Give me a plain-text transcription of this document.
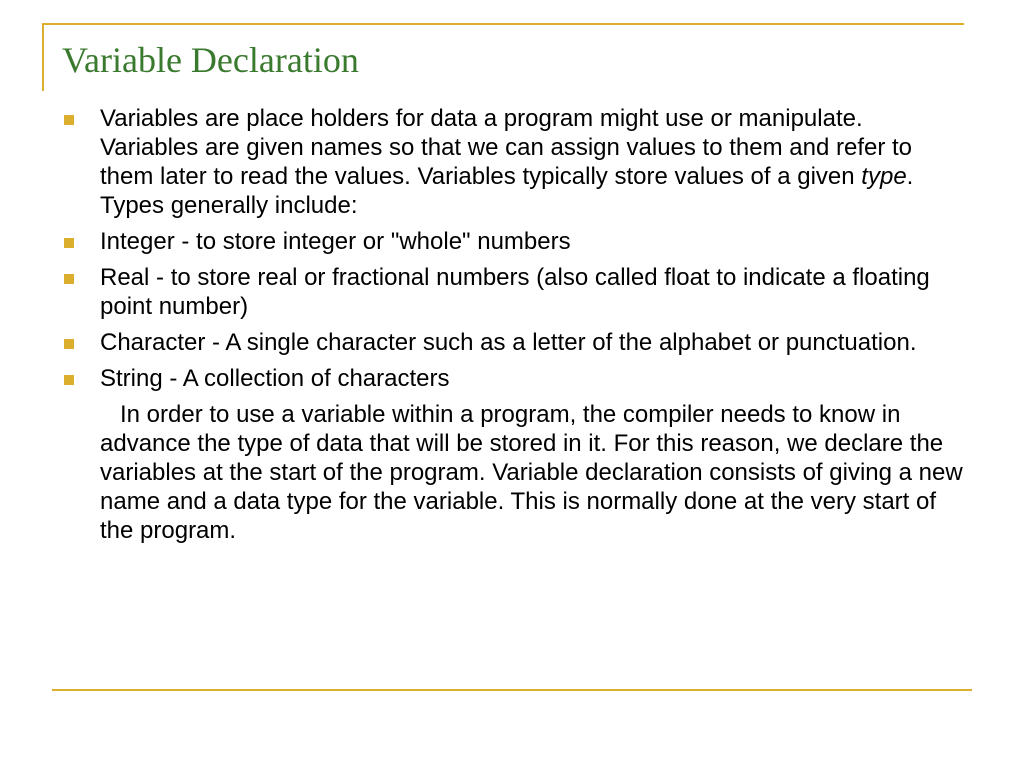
Variable Declaration
Variables are place holders for data a program might use or manipulate. Variables are given names so that we can assign values to them and refer to them later to read the values. Variables typically store values of a given type. Types generally include:
Integer - to store integer or "whole" numbers
Real - to store real or fractional numbers (also called float to indicate a floating point number)
Character - A single character such as a letter of the alphabet or punctuation.
String - A collection of characters

In order to use a variable within a program, the compiler needs to know in advance the type of data that will be stored in it. For this reason, we declare the variables at the start of the program. Variable declaration consists of giving a new name and a data type for the variable. This is normally done at the very start of the program.
